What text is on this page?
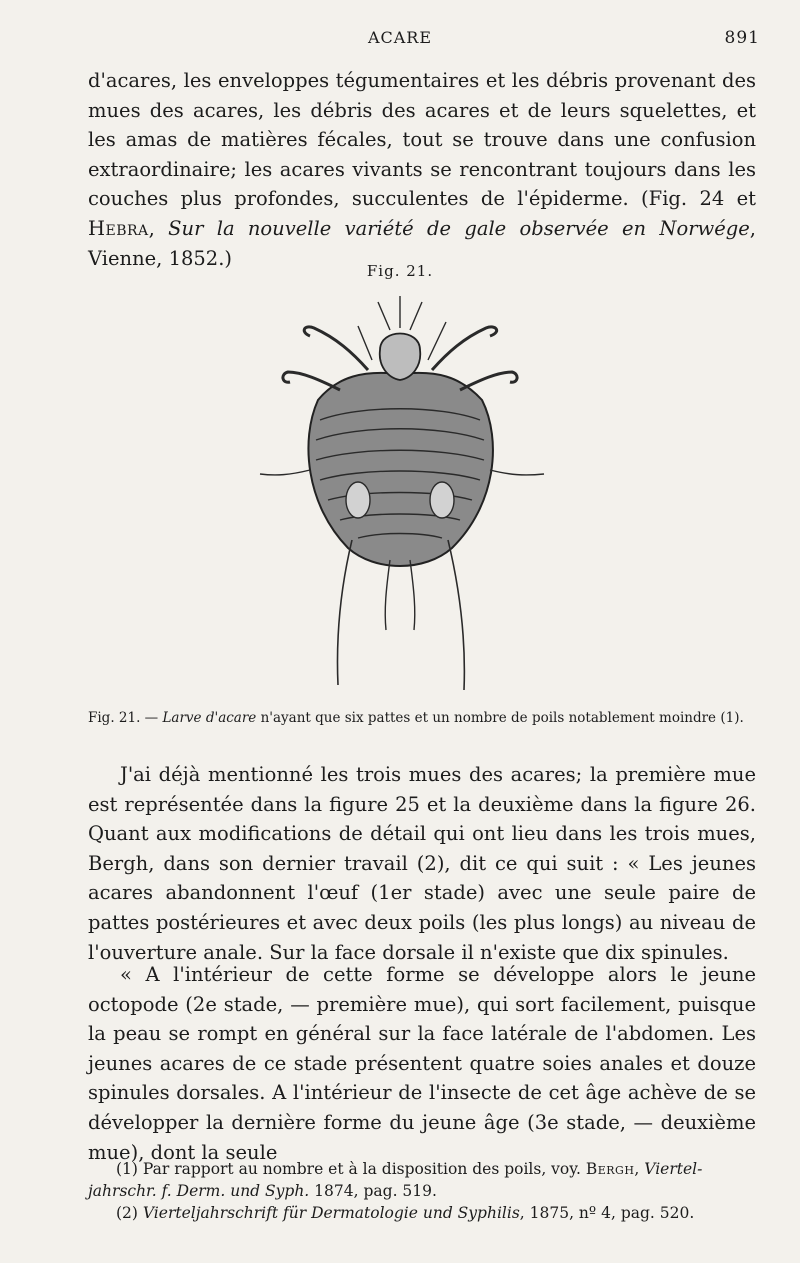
ACARE	891
d'acares, les enveloppes tégumentaires et les débris provenant des mues des acares, les débris des acares et de leurs squelettes, et les amas de matières fécales, tout se trouve dans une confusion extraordinaire; les acares vivants se rencontrant toujours dans les couches plus profondes, succulentes de l'épiderme. (Fig. 24 et Hebra, Sur la nouvelle variété de gale observée en Norwége, Vienne, 1852.)
Fig. 21.
Fig. 21. — Larve d'acare n'ayant que six pattes et un nombre de poils notablement moindre (1).
J'ai déjà mentionné les trois mues des acares; la première mue est représentée dans la figure 25 et la deuxième dans la figure 26. Quant aux modifications de détail qui ont lieu dans les trois mues, Bergh, dans son dernier travail (2), dit ce qui suit : « Les jeunes acares abandonnent l'œuf (1er stade) avec une seule paire de pattes postérieures et avec deux poils (les plus longs) au niveau de l'ouverture anale. Sur la face dorsale il n'existe que dix spinules.
« A l'intérieur de cette forme se développe alors le jeune octopode (2e stade, — première mue), qui sort facilement, puisque la peau se rompt en général sur la face latérale de l'abdomen. Les jeunes acares de ce stade présentent quatre soies anales et douze spinules dorsales. A l'intérieur de l'insecte de cet âge achève de se développer la dernière forme du jeune âge (3e stade, — deuxième mue), dont la seule
(1) Par rapport au nombre et à la disposition des poils, voy. Bergh, Viertel-jahrschr. f. Derm. und Syph. 1874, pag. 519.
(2) Vierteljahrschrift für Dermatologie und Syphilis, 1875, nº 4, pag. 520.
